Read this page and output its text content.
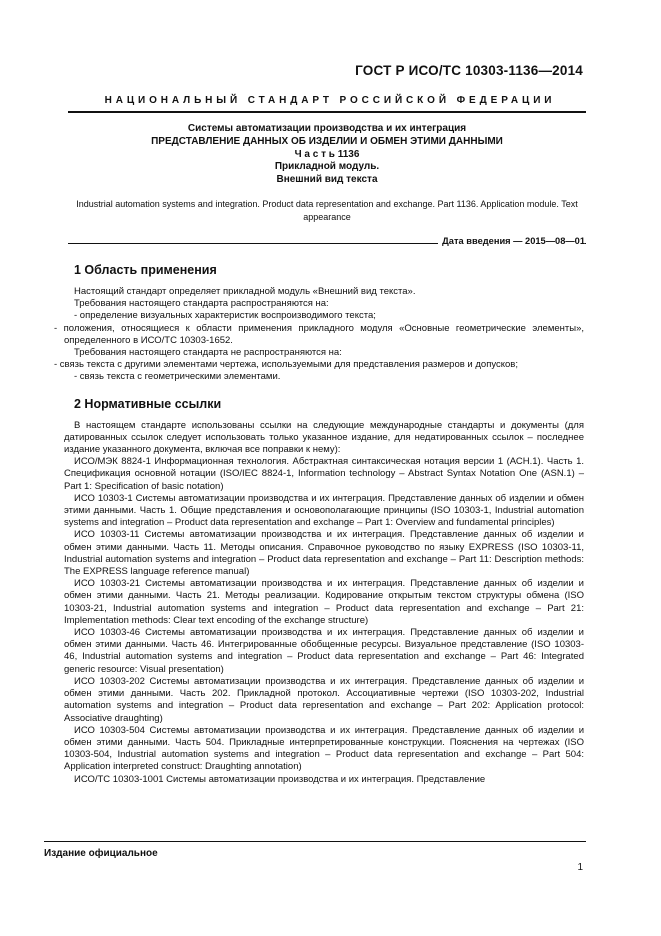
ГОСТ Р ИСО/ТС 10303-1136—2014
НАЦИОНАЛЬНЫЙ СТАНДАРТ РОССИЙСКОЙ ФЕДЕРАЦИИ
Системы автоматизации производства и их интеграция
ПРЕДСТАВЛЕНИЕ ДАННЫХ ОБ ИЗДЕЛИИ И ОБМЕН ЭТИМИ ДАННЫМИ
Ч а с т ь 1136
Прикладной модуль.
Внешний вид текста
Industrial automation systems and integration. Product data representation and exchange. Part 1136. Application module. Text appearance
Дата введения — 2015—08—01
1 Область применения

Настоящий стандарт определяет прикладной модуль «Внешний вид текста».

Требования настоящего стандарта распространяются на:

- определение визуальных характеристик воспроизводимого текста;

- положения, относящиеся к области применения прикладного модуля «Основные геометрические элементы», определенного в ИСО/ТС 10303-1652.

Требования настоящего стандарта не распространяются на:

- связь текста с другими элементами чертежа, используемыми для представления размеров и допусков;

- связь текста с геометрическими элементами.

2 Нормативные ссылки

В настоящем стандарте использованы ссылки на следующие международные стандарты и документы (для датированных ссылок следует использовать только указанное издание, для недатированных ссылок – последнее издание указанного документа, включая все поправки к нему):

ИСО/МЭК 8824-1 Информационная технология. Абстрактная синтаксическая нотация версии 1 (АСН.1). Часть 1. Спецификация основной нотации (ISO/IEC 8824-1, Information technology – Abstract Syntax Notation One (ASN.1) – Part 1: Specification of basic notation)

ИСО 10303-1 Системы автоматизации производства и их интеграция. Представление данных об изделии и обмен этими данными. Часть 1. Общие представления и основополагающие принципы (ISO 10303-1, Industrial automation systems and integration – Product data representation and exchange – Part 1: Overview and fundamental principles)

ИСО 10303-11 Системы автоматизации производства и их интеграция. Представление данных об изделии и обмен этими данными. Часть 11. Методы описания. Справочное руководство по языку EXPRESS (ISO 10303-11, Industrial automation systems and integration – Product data representation and exchange – Part 11: Description methods: The EXPRESS language reference manual)

ИСО 10303-21 Системы автоматизации производства и их интеграция. Представление данных об изделии и обмен этими данными. Часть 21. Методы реализации. Кодирование открытым текстом структуры обмена (ISO 10303-21, Industrial automation systems and integration – Product data representation and exchange – Part 21: Implementation methods: Clear text encoding of the exchange structure)

ИСО 10303-46 Системы автоматизации производства и их интеграция. Представление данных об изделии и обмен этими данными. Часть 46. Интегрированные обобщенные ресурсы. Визуальное представление (ISO 10303-46, Industrial automation systems and integration – Product data representation and exchange – Part 46: Integrated generic resource: Visual presentation)

ИСО 10303-202 Системы автоматизации производства и их интеграция. Представление данных об изделии и обмен этими данными. Часть 202. Прикладной протокол. Ассоциативные чертежи (ISO 10303-202, Industrial automation systems and integration – Product data representation and exchange – Part 202: Application protocol: Associative draughting)

ИСО 10303-504 Системы автоматизации производства и их интеграция. Представление данных об изделии и обмен этими данными. Часть 504. Прикладные интерпретированные конструкции. Пояснения на чертежах (ISO 10303-504, Industrial automation systems and integration – Product data representation and exchange – Part 504: Application interpreted construct: Draughting annotation)

ИСО/ТС 10303-1001 Системы автоматизации производства и их интеграция. Представление

Издание официальное
1
